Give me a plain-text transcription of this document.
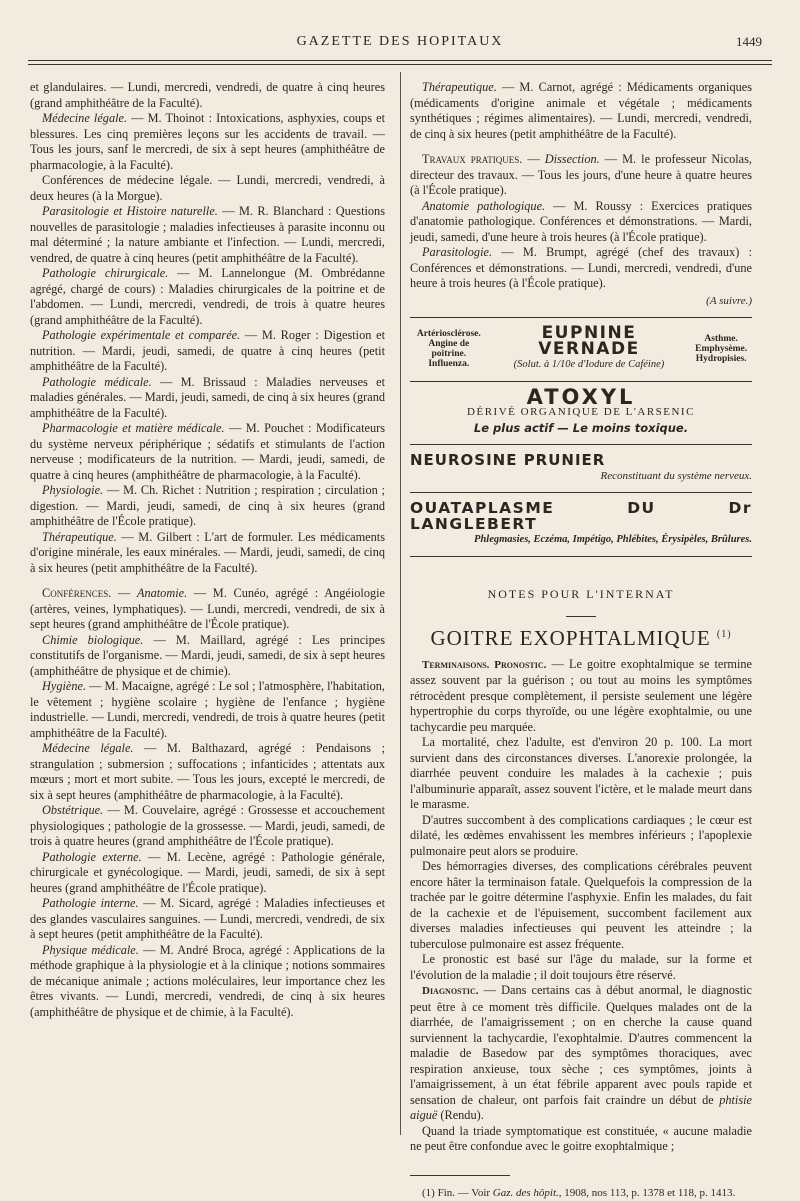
GAZETTE DES HOPITAUX	1449

et glandulaires. — Lundi, mercredi, vendredi, de quatre à cinq heures (grand amphithéâtre de la Faculté).

Médecine légale. — M. Thoinot : Intoxications, asphyxies, coups et blessures. Les cinq premières leçons sur les accidents de travail. — Tous les jours, sanf le mercredi, de six à sept heures (amphithéâtre de pharmacologie, à la Faculté).

Conférences de médecine légale. — Lundi, mercredi, vendredi, à deux heures (à la Morgue).

Parasitologie et Histoire naturelle. — M. R. Blanchard : Questions nouvelles de parasitologie ; maladies infectieuses à parasite inconnu ou mal déterminé ; la nature ambiante et l'infection. — Lundi, mercredi, vendred, de quatre à cinq heures (petit amphithéâtre de la Faculté).

Pathologie chirurgicale. — M. Lannelongue (M. Ombrédanne agrégé, chargé de cours) : Maladies chirurgicales de la poitrine et de l'abdomen. — Lundi, mercredi, vendredi, de trois à quatre heures (grand amphithéâtre de la Faculté).

Pathologie expérimentale et comparée. — M. Roger : Digestion et nutrition. — Mardi, jeudi, samedi, de quatre à cinq heures (petit amphithéâtre de la Faculté).

Pathologie médicale. — M. Brissaud : Maladies nerveuses et maladies générales. — Mardi, jeudi, samedi, de cinq à six heures (grand amphithéâtre de la Faculté).

Pharmacologie et matière médicale. — M. Pouchet : Modificateurs du système nerveux périphérique ; sédatifs et stimulants de l'action nerveuse ; modificateurs de la nutrition. — Mardi, jeudi, samedi, de quatre à cinq heures (amphithéâtre de pharmacologie, à la Faculté).

Physiologie. — M. Ch. Richet : Nutrition ; respiration ; circulation ; digestion. — Mardi, jeudi, samedi, de cinq à six heures (grand amphithéâtre de l'École pratique).

Thérapeutique. — M. Gilbert : L'art de formuler. Les médicaments d'origine minérale, les eaux minérales. — Mardi, jeudi, samedi, de cinq à six heures (petit amphithéâtre de la Faculté).

Conférences. — Anatomie. — M. Cunéo, agrégé : Angéiologie (artères, veines, lymphatiques). — Lundi, mercredi, vendredi, de six à sept heures (grand amphithéâtre de l'École pratique).

Chimie biologique. — M. Maillard, agrégé : Les principes constitutifs de l'organisme. — Mardi, jeudi, samedi, de six à sept heures (amphithéâtre de physique et de chimie).

Hygiène. — M. Macaigne, agrégé : Le sol ; l'atmosphère, l'habitation, le vêtement ; hygiène scolaire ; hygiène de l'enfance ; hygiène industrielle. — Lundi, mercredi, vendredi, de trois à quatre heures (petit amphithéâtre de la Faculté).

Médecine légale. — M. Balthazard, agrégé : Pendaisons ; strangulation ; submersion ; suffocations ; infanticides ; attentats aux mœurs ; mort et mort subite. — Tous les jours, excepté le mercredi, de six à sept heures (amphithéâtre de pharmacologie, à la Faculté).

Obstétrique. — M. Couvelaire, agrégé : Grossesse et accouchement physiologiques ; pathologie de la grossesse. — Mardi, jeudi, samedi, de trois à quatre heures (grand amphithéâtre de l'École pratique).

Pathologie externe. — M. Lecène, agrégé : Pathologie générale, chirurgicale et gynécologique. — Mardi, jeudi, samedi, de six à sept heures (grand amphithéâtre de l'École pratique).

Pathologie interne. — M. Sicard, agrégé : Maladies infectieuses et des glandes vasculaires sanguines. — Lundi, mercredi, vendredi, de six à sept heures (petit amphithéâtre de la Faculté).

Physique médicale. — M. André Broca, agrégé : Applications de la méthode graphique à la physiologie et à la clinique ; notions sommaires de mécanique animale ; actions moléculaires, leur importance chez les êtres vivants. — Lundi, mercredi, vendredi, de cinq à six heures (amphithéâtre de physique et de chimie, à la Faculté).

Thérapeutique. — M. Carnot, agrégé : Médicaments organiques (médicaments d'origine animale et végétale ; médicaments synthétiques ; régimes alimentaires). — Lundi, mercredi, vendredi, de cinq à six heures (petit amphithéâtre de la Faculté).

Travaux pratiques. — Dissection. — M. le professeur Nicolas, directeur des travaux. — Tous les jours, d'une heure à quatre heures (à l'École pratique).

Anatomie pathologique. — M. Roussy : Exercices pratiques d'anatomie pathologique. Conférences et démonstrations. — Mardi, jeudi, samedi, d'une heure à trois heures (à l'École pratique).

Parasitologie. — M. Brumpt, agrégé (chef des travaux) : Conférences et démonstrations. — Lundi, mercredi, vendredi, d'une heure à trois heures (à l'École pratique).

(A suivre.)
Artériosclérose. Angine de poitrine. Influenza.
EUPNINE VERNADE
(Solut. à 1/10e d'Iodure de Caféine)
Asthme. Emphysème. Hydropisies.
ATOXYL
DÉRIVÉ ORGANIQUE DE L'ARSENIC
Le plus actif — Le moins toxique.
NEUROSINE PRUNIER
Reconstituant du système nerveux.
OUATAPLASME DU Dr LANGLEBERT
Phlegmasies, Eczéma, Impétigo, Phlébites, Érysipèles, Brûlures.
NOTES POUR L'INTERNAT
GOITRE EXOPHTALMIQUE $^{(1)}$

Terminaisons. Pronostic. — Le goitre exophtalmique se termine assez souvent par la guérison ; ou tout au moins les symptômes rétrocèdent presque complètement, il persiste seulement une légère hypertrophie du corps thyroïde, ou une légère exophtalmie, ou une tachycardie peu marquée.

La mortalité, chez l'adulte, est d'environ 20 p. 100. La mort survient dans des circonstances diverses. L'anorexie prolongée, la diarrhée peuvent conduire les malades à la cachexie ; puis l'albuminurie apparaît, assez souvent l'ictère, et le malade meurt dans le marasme.

D'autres succombent à des complications cardiaques ; le cœur est dilaté, les œdèmes envahissent les membres inférieurs ; l'apoplexie pulmonaire peut alors se produire.

Des hémorragies diverses, des complications cérébrales peuvent encore hâter la terminaison fatale. Quelquefois la compression de la trachée par le goitre détermine l'asphyxie. Enfin les malades, du fait de la cachexie et de l'épuisement, succombent facilement aux diverses maladies infectieuses qui peuvent les atteindre ; la tuberculose pulmonaire est assez fréquente.

Le pronostic est basé sur l'âge du malade, sur la forme et l'évolution de la maladie ; il doit toujours être réservé.

Diagnostic. — Dans certains cas à début anormal, le diagnostic peut être à ce moment très difficile. Quelques malades ont de la diarrhée, de l'amaigrissement ; on en cherche la cause quand surviennent la tachycardie, l'exophtalmie. D'autres commencent la maladie de Basedow par des symptômes thoraciques, avec respiration anxieuse, toux sèche ; ces symptômes, joints à l'amaigrissement, à un état fébrile apparent avec pouls rapide et sensation de chaleur, ont parfois fait craindre un début de phtisie aiguë (Rendu).

Quand la triade symptomatique est constituée, « aucune maladie ne peut être confondue avec le goitre exophtalmique ;

(1) Fin. — Voir Gaz. des hôpit., 1908, nos 113, p. 1378 et 118, p. 1413.
